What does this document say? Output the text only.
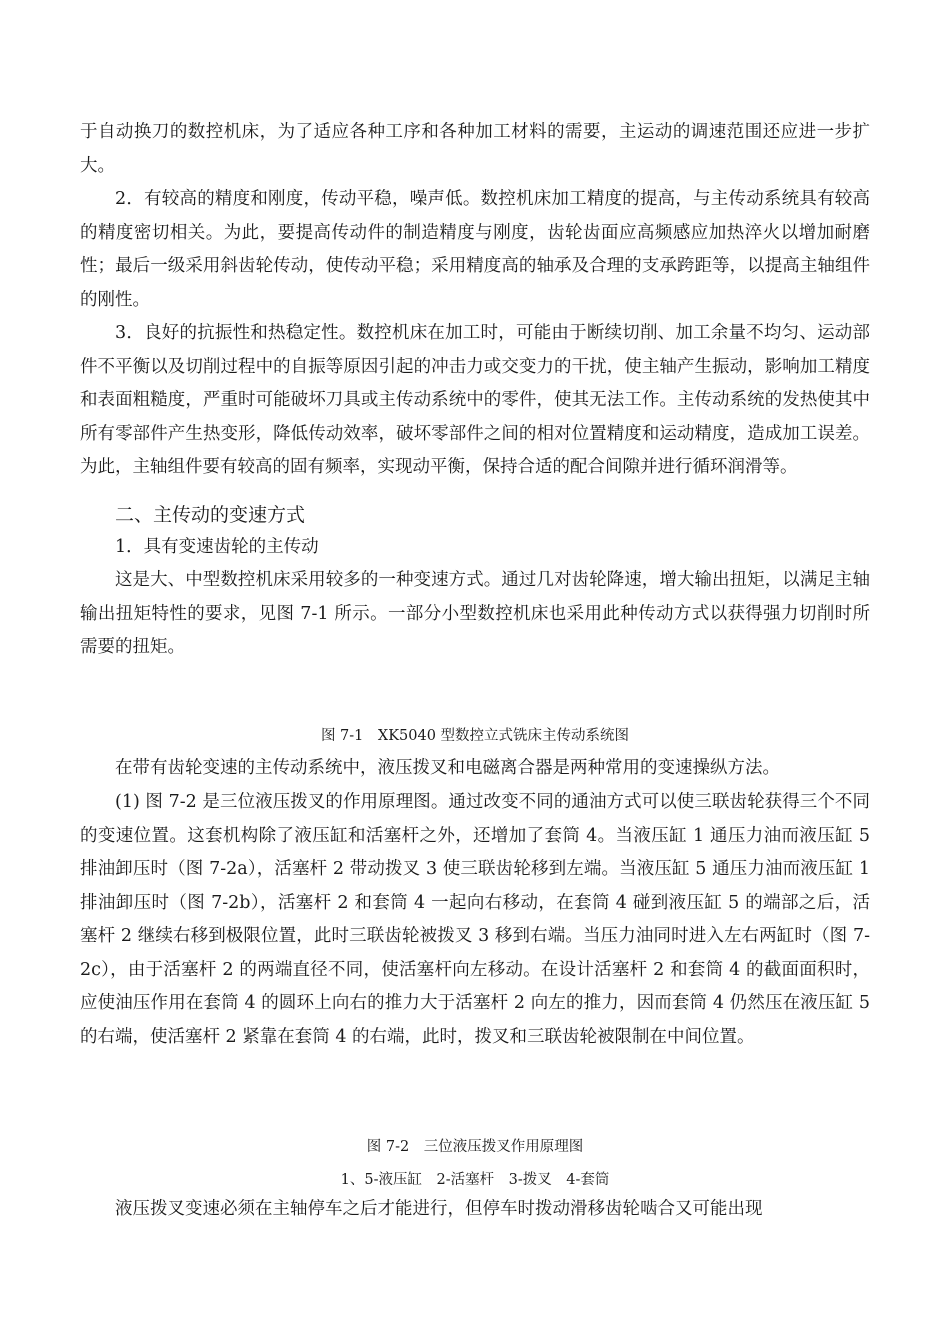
于自动换刀的数控机床，为了适应各种工序和各种加工材料的需要，主运动的调速范围还应进一步扩大。

2．有较高的精度和刚度，传动平稳，噪声低。数控机床加工精度的提高，与主传动系统具有较高的精度密切相关。为此，要提高传动件的制造精度与刚度，齿轮齿面应高频感应加热淬火以增加耐磨性；最后一级采用斜齿轮传动，使传动平稳；采用精度高的轴承及合理的支承跨距等，以提高主轴组件的刚性。

3．良好的抗振性和热稳定性。数控机床在加工时，可能由于断续切削、加工余量不均匀、运动部件不平衡以及切削过程中的自振等原因引起的冲击力或交变力的干扰，使主轴产生振动，影响加工精度和表面粗糙度，严重时可能破坏刀具或主传动系统中的零件，使其无法工作。主传动系统的发热使其中所有零部件产生热变形，降低传动效率，破坏零部件之间的相对位置精度和运动精度，造成加工误差。为此，主轴组件要有较高的固有频率，实现动平衡，保持合适的配合间隙并进行循环润滑等。

二、主传动的变速方式

1．具有变速齿轮的主传动

这是大、中型数控机床采用较多的一种变速方式。通过几对齿轮降速，增大输出扭矩，以满足主轴输出扭矩特性的要求，见图 7-1 所示。一部分小型数控机床也采用此种传动方式以获得强力切削时所需要的扭矩。

图 7-1　XK5040 型数控立式铣床主传动系统图

在带有齿轮变速的主传动系统中，液压拨叉和电磁离合器是两种常用的变速操纵方法。

(1) 图 7-2 是三位液压拨叉的作用原理图。通过改变不同的通油方式可以使三联齿轮获得三个不同的变速位置。这套机构除了液压缸和活塞杆之外，还增加了套筒 4。当液压缸 1 通压力油而液压缸 5 排油卸压时（图 7-2a），活塞杆 2 带动拨叉 3 使三联齿轮移到左端。当液压缸 5 通压力油而液压缸 1 排油卸压时（图 7-2b），活塞杆 2 和套筒 4 一起向右移动，在套筒 4 碰到液压缸 5 的端部之后，活塞杆 2 继续右移到极限位置，此时三联齿轮被拨叉 3 移到右端。当压力油同时进入左右两缸时（图 7-2c），由于活塞杆 2 的两端直径不同，使活塞杆向左移动。在设计活塞杆 2 和套筒 4 的截面面积时，应使油压作用在套筒 4 的圆环上向右的推力大于活塞杆 2 向左的推力，因而套筒 4 仍然压在液压缸 5 的右端，使活塞杆 2 紧靠在套筒 4 的右端，此时，拨叉和三联齿轮被限制在中间位置。

图 7-2　三位液压拨叉作用原理图

1、5-液压缸　2-活塞杆　3-拨叉　4-套筒

液压拨叉变速必须在主轴停车之后才能进行，但停车时拨动滑移齿轮啮合又可能出现
